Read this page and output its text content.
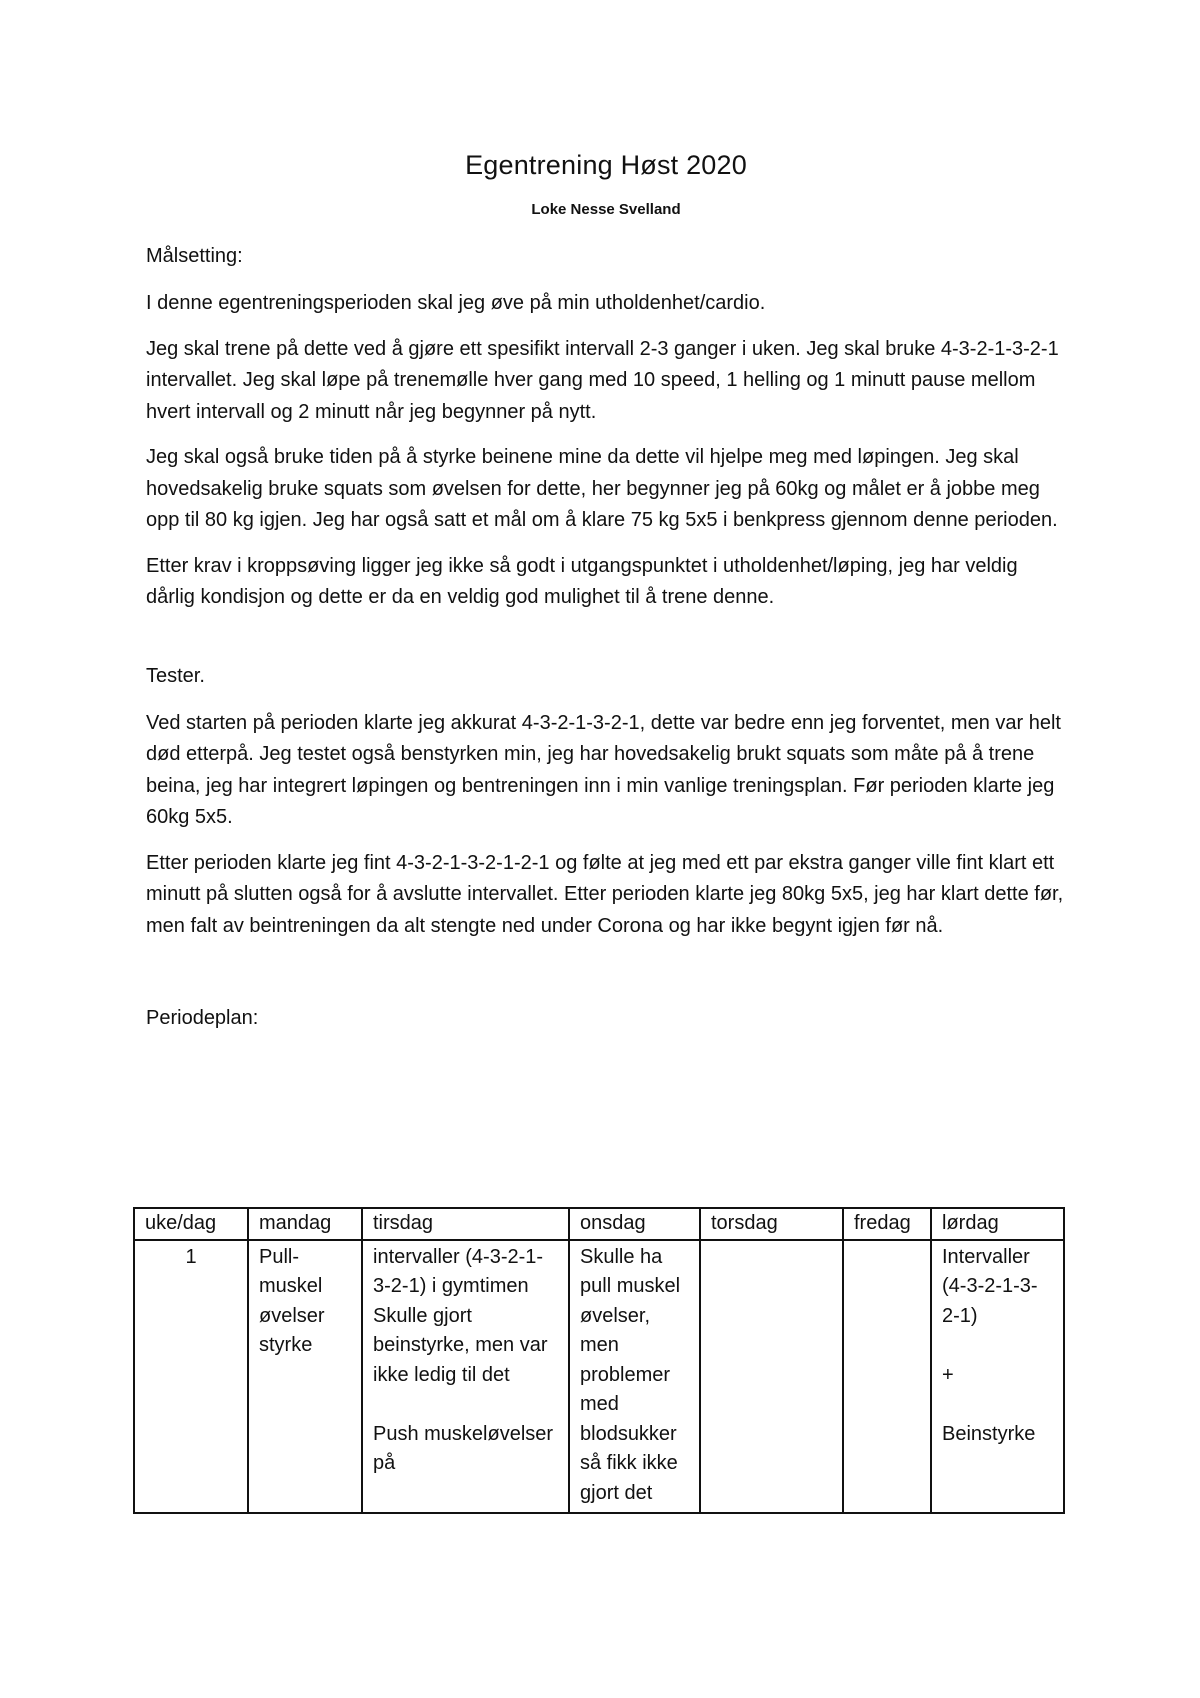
Egentrening Høst 2020
Loke Nesse Svelland
Målsetting:

I denne egentreningsperioden skal jeg øve på min utholdenhet/cardio.

Jeg skal trene på dette ved å gjøre ett spesifikt intervall 2-3 ganger i uken. Jeg skal bruke 4-3-2-1-3-2-1 intervallet. Jeg skal løpe på trenemølle hver gang med 10 speed, 1 helling og 1 minutt pause mellom hvert intervall og 2 minutt når jeg begynner på nytt.

Jeg skal også bruke tiden på å styrke beinene mine da dette vil hjelpe meg med løpingen. Jeg skal hovedsakelig bruke squats som øvelsen for dette, her begynner jeg på 60kg og målet er å jobbe meg opp til 80 kg igjen. Jeg har også satt et mål om å klare 75 kg 5x5 i benkpress gjennom denne perioden.

Etter krav i kroppsøving ligger jeg ikke så godt i utgangspunktet i utholdenhet/løping, jeg har veldig dårlig kondisjon og dette er da en veldig god mulighet til å trene denne.

Tester.

Ved starten på perioden klarte jeg akkurat 4-3-2-1-3-2-1, dette var bedre enn jeg forventet, men var helt død etterpå. Jeg testet også benstyrken min, jeg har hovedsakelig brukt squats som måte på å trene beina, jeg har integrert løpingen og bentreningen inn i min vanlige treningsplan. Før perioden klarte jeg 60kg 5x5.

Etter perioden klarte jeg fint 4-3-2-1-3-2-1-2-1 og følte at jeg med ett par ekstra ganger ville fint klart ett minutt på slutten også for å avslutte intervallet. Etter perioden klarte jeg 80kg 5x5, jeg har klart dette før, men falt av beintreningen da alt stengte ned under Corona og har ikke begynt igjen før nå.

Periodeplan:
uke/dag	mandag	tirsdag	onsdag	torsdag	fredag	lørdag
1	Pull-muskel øvelser styrke	intervaller (4-3-2-1-3-2-1) i gymtimen
Skulle gjort beinstyrke, men var ikke ledig til det

Push muskeløvelser på	Skulle ha pull muskel øvelser, men problemer med blodsukker så fikk ikke gjort det			Intervaller (4-3-2-1-3-2-1)

+

Beinstyrke
